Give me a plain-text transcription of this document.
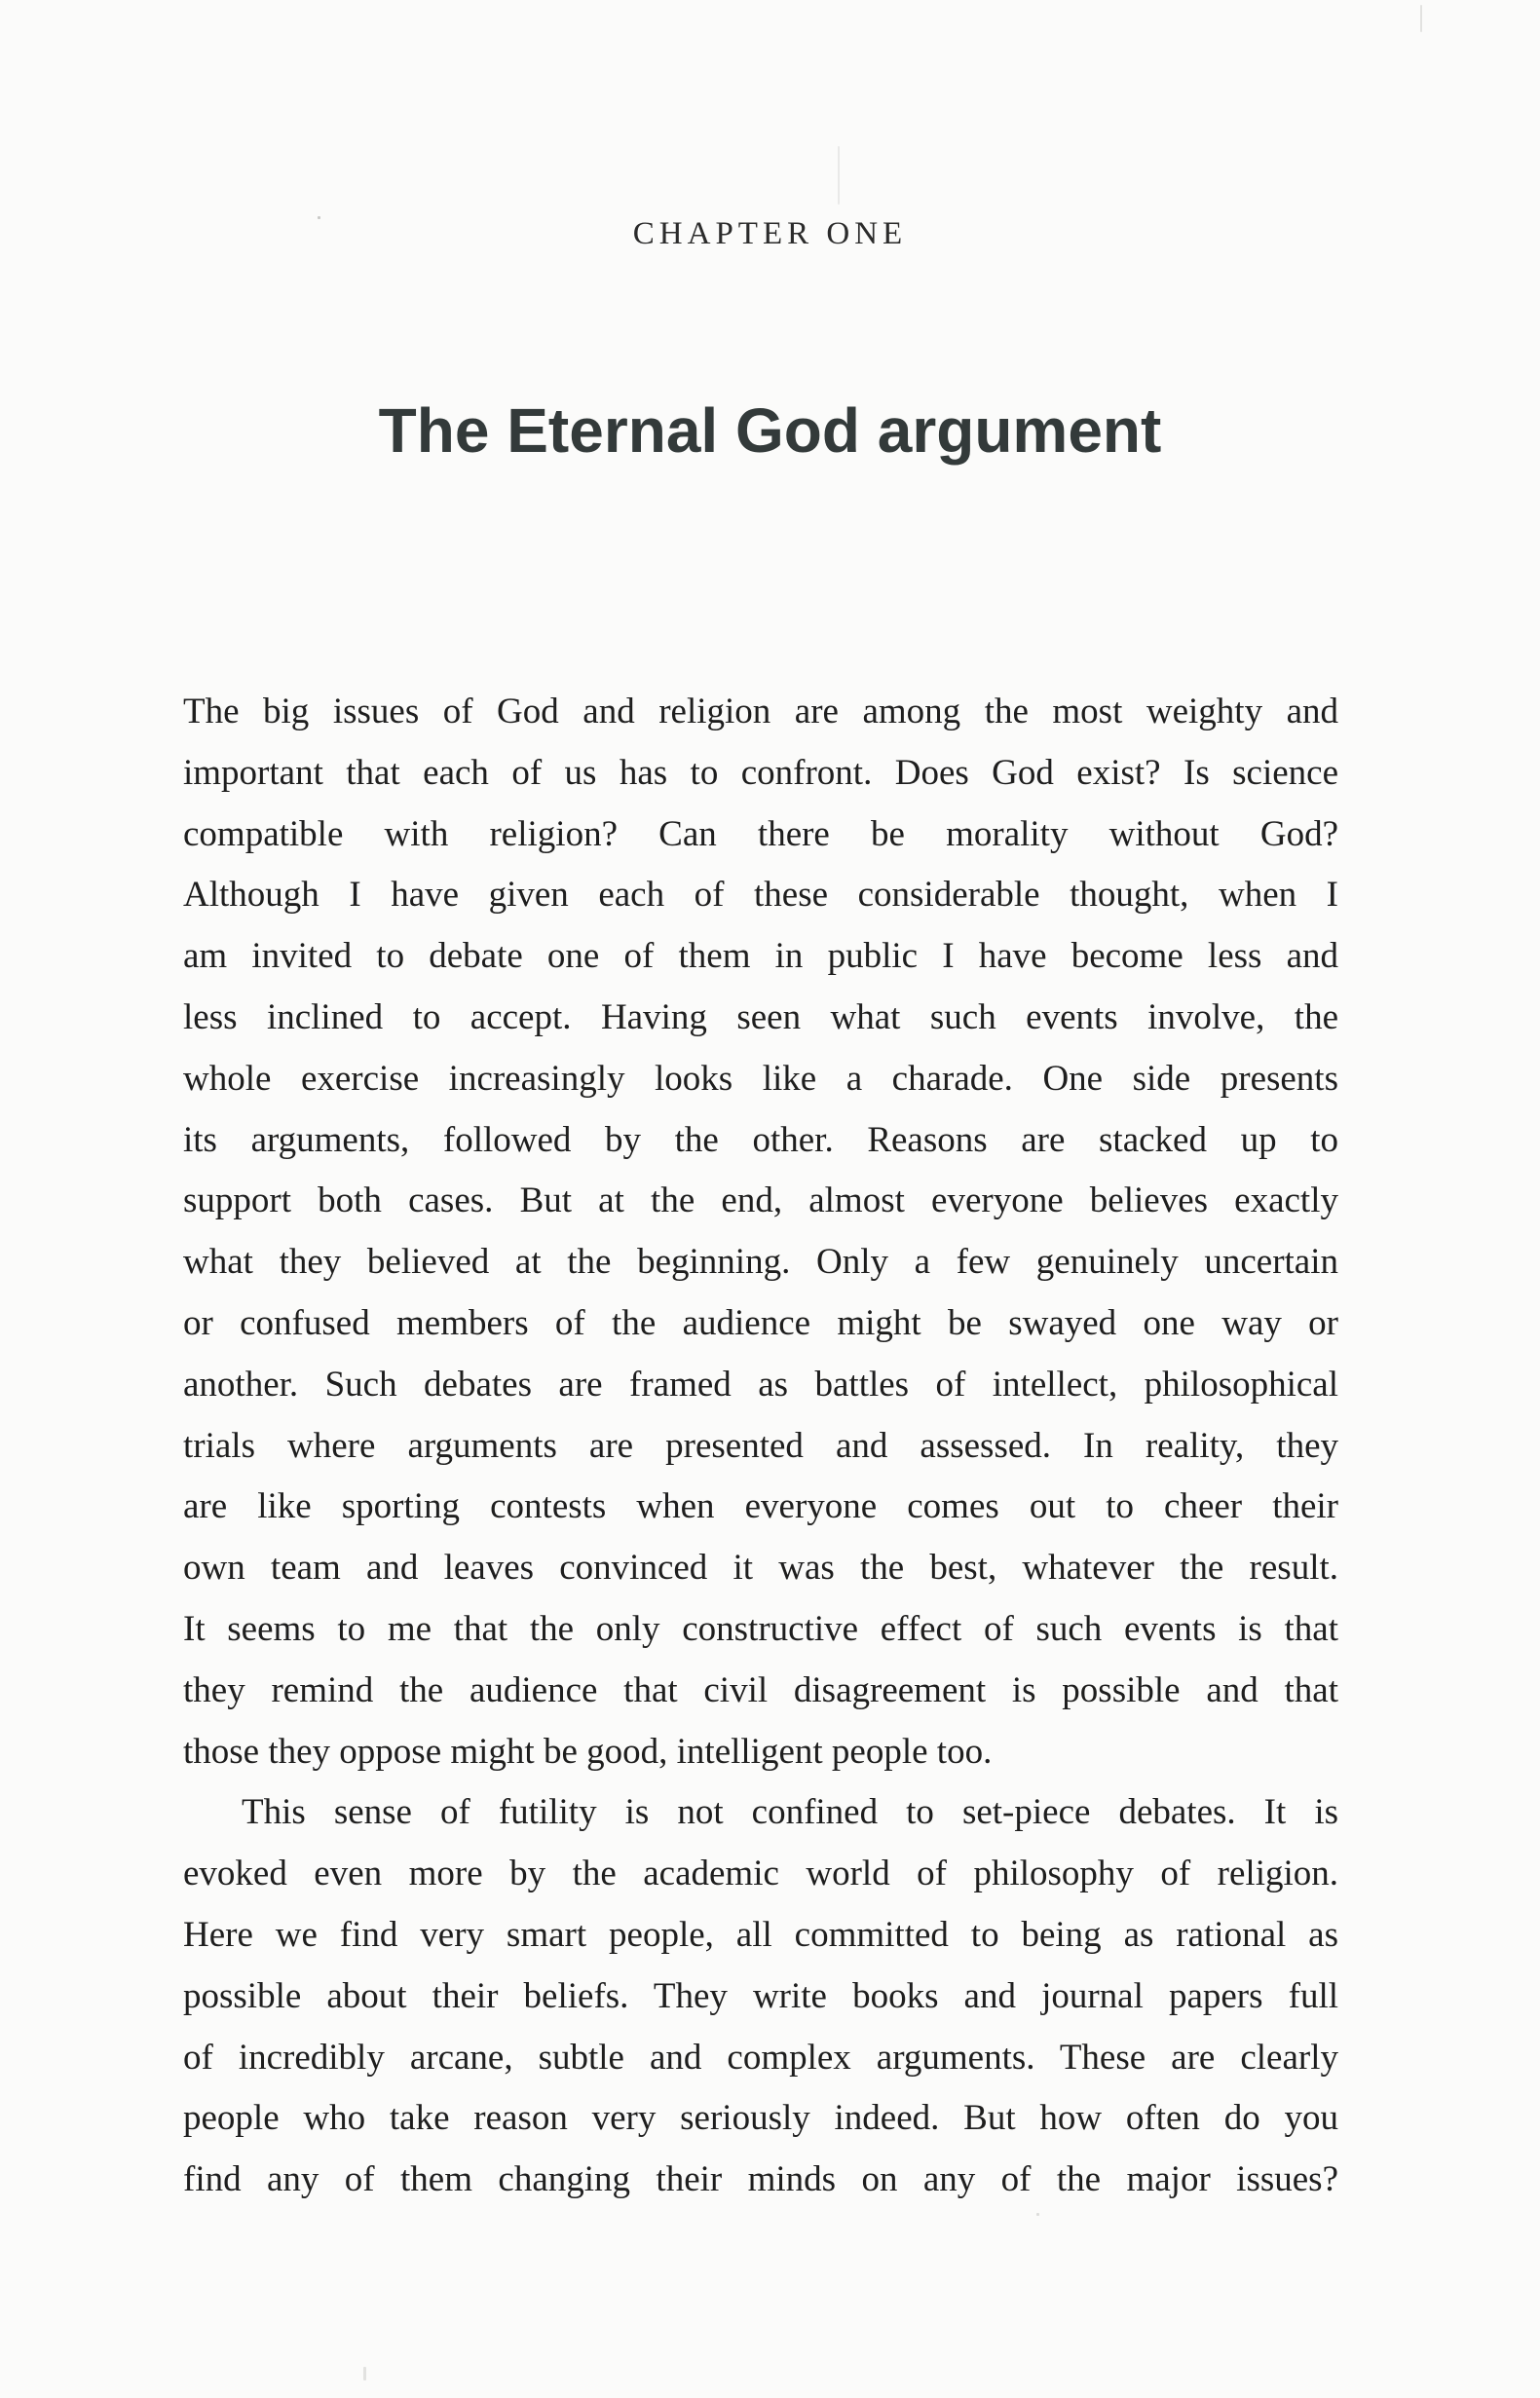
CHAPTER ONE
The Eternal God argument
The big issues of God and religion are among the most weighty and
important that each of us has to confront. Does God exist? Is science
compatible with religion? Can there be morality without God?
Although I have given each of these considerable thought, when I
am invited to debate one of them in public I have become less and
less inclined to accept. Having seen what such events involve, the
whole exercise increasingly looks like a charade. One side presents
its arguments, followed by the other. Reasons are stacked up to
support both cases. But at the end, almost everyone believes exactly
what they believed at the beginning. Only a few genuinely uncertain
or confused members of the audience might be swayed one way or
another. Such debates are framed as battles of intellect, philosophical
trials where arguments are presented and assessed. In reality, they
are like sporting contests when everyone comes out to cheer their
own team and leaves convinced it was the best, whatever the result.
It seems to me that the only constructive effect of such events is that
they remind the audience that civil disagreement is possible and that
those they oppose might be good, intelligent people too.
This sense of futility is not confined to set-piece debates. It is
evoked even more by the academic world of philosophy of religion.
Here we find very smart people, all committed to being as rational as
possible about their beliefs. They write books and journal papers full
of incredibly arcane, subtle and complex arguments. These are clearly
people who take reason very seriously indeed. But how often do you
find any of them changing their minds on any of the major issues?
